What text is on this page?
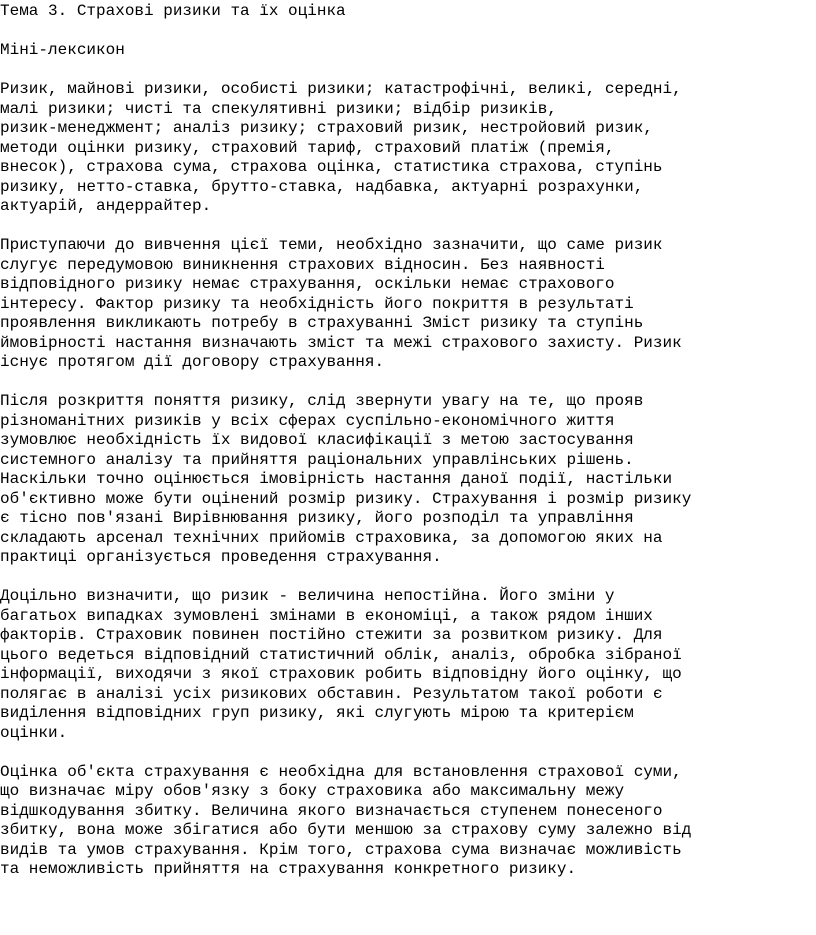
Тема 3. Страхові ризики та їх оцінка
Міні-лексикон

Ризик, майнові ризики, особисті ризики; катастрофічні, великі, середні,
малі ризики; чисті та спекулятивні ризики; відбір ризиків,
ризик-менеджмент; аналіз ризику; страховий ризик, нестройовий ризик,
методи оцінки ризику, страховий тариф, страховий платіж (премія,
внесок), страхова сума, страхова оцінка, статистика страхова, ступінь
ризику, нетто-ставка, брутто-ставка, надбавка, актуарні розрахунки,
актуарій, андеррайтер.

Приступаючи до вивчення цієї теми, необхідно зазначити, що саме ризик
слугує передумовою виникнення страхових відносин. Без наявності
відповідного ризику немає страхування, оскільки немає страхового
інтересу. Фактор ризику та необхідність його покриття в результаті
проявлення викликають потребу в страхуванні Зміст ризику та ступінь
ймовірності настання визначають зміст та межі страхового захисту. Ризик
існує протягом дії договору страхування.

Після розкриття поняття ризику, слід звернути увагу на те, що прояв
різноманітних ризиків у всіх сферах суспільно-економічного життя
зумовлює необхідність їх видової класифікації з метою застосування
системного аналізу та прийняття раціональних управлінських рішень.
Наскільки точно оцінюється імовірність настання даної події, настільки
об'єктивно може бути оцінений розмір ризику. Страхування і розмір ризику
є тісно пов'язані Вирівнювання ризику, його розподіл та управління
складають арсенал технічних прийомів страховика, за допомогою яких на
практиці організується проведення страхування.

Доцільно визначити, що ризик - величина непостійна. Його зміни у
багатьох випадках зумовлені змінами в економіці, а також рядом інших
факторів. Страховик повинен постійно стежити за розвитком ризику. Для
цього ведеться відповідний статистичний облік, аналіз, обробка зібраної
інформації, виходячи з якої страховик робить відповідну його оцінку, що
полягає в аналізі усіх ризикових обставин. Результатом такої роботи є
виділення відповідних груп ризику, які слугують мірою та критерієм
оцінки.

Оцінка об'єкта страхування є необхідна для встановлення страхової суми,
що визначає міру обов'язку з боку страховика або максимальну межу
відшкодування збитку. Величина якого визначається ступенем понесеного
збитку, вона може збігатися або бути меншою за страхову суму залежно від
видів та умов страхування. Крім того, страхова сума визначає можливість
та неможливість прийняття на страхування конкретного ризику.
